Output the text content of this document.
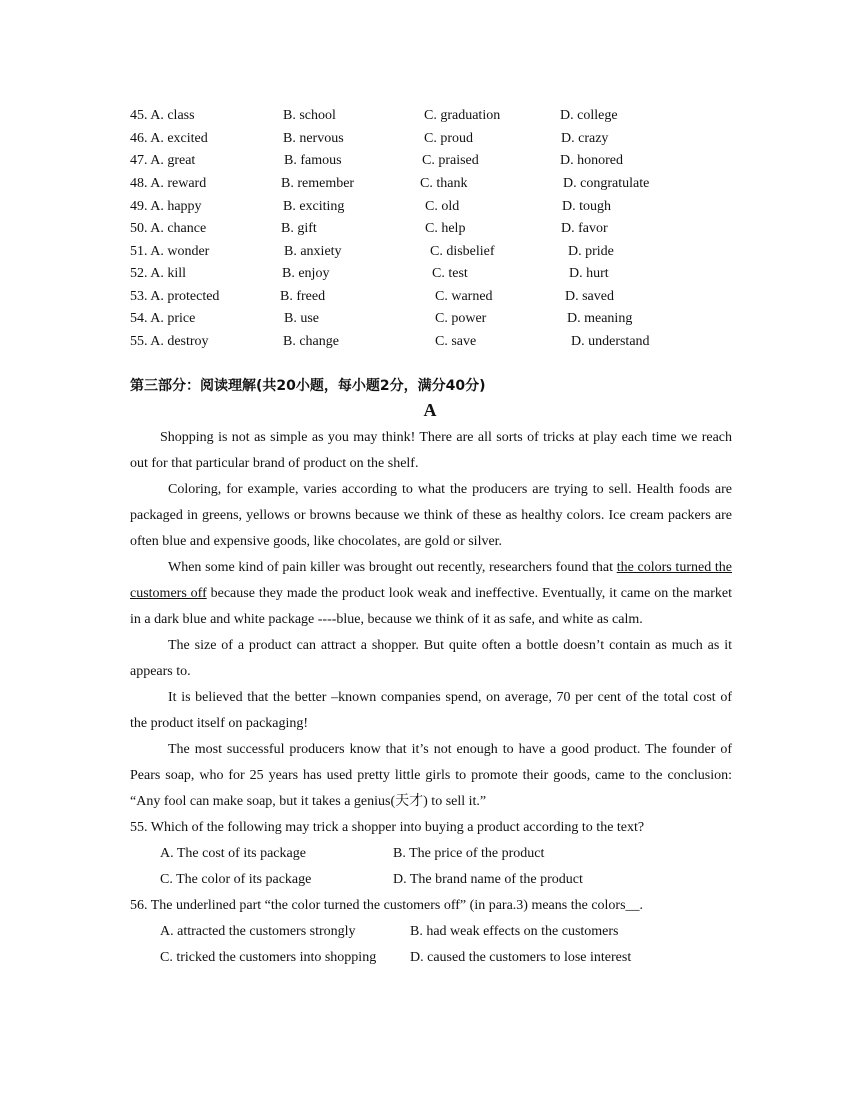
45. A. class	B. school	C. graduation	D. college
46. A. excited	B. nervous	C. proud	D. crazy
47. A. great	B. famous	C. praised	D. honored
48. A. reward	B. remember	C. thank	D. congratulate
49. A. happy	B. exciting	C. old	D. tough
50. A. chance	B. gift	C. help	D. favor
51. A. wonder	B. anxiety	C. disbelief	D. pride
52. A. kill	B. enjoy	C. test	D. hurt
53. A. protected	B. freed	C. warned	D. saved
54. A. price	B. use	C. power	D. meaning
55. A. destroy	B. change	C. save	D. understand
第三部分：阅读理解(共20小题，每小题2分，满分40分)
A

Shopping is not as simple as you may think! There are all sorts of tricks at play each time we reach out for that particular brand of product on the shelf.

Coloring, for example, varies according to what the producers are trying to sell. Health foods are packaged in greens, yellows or browns because we think of these as healthy colors. Ice cream packers are often blue and expensive goods, like chocolates, are gold or silver.

When some kind of pain killer was brought out recently, researchers found that the colors turned the customers off because they made the product look weak and ineffective. Eventually, it came on the market in a dark blue and white package ----blue, because we think of it as safe, and white as calm.

The size of a product can attract a shopper. But quite often a bottle doesn’t contain as much as it appears to.

It is believed that the better –known companies spend, on average, 70 per cent of the total cost of the product itself on packaging!

The most successful producers know that it’s not enough to have a good product. The founder of Pears soap, who for 25 years has used pretty little girls to promote their goods, came to the conclusion: “Any fool can make soap, but it takes a genius(天才) to sell it.”

55. Which of the following may trick a shopper into buying a product according to the text?

A. The cost of its package	B. The price of the product
C. The color of its package	D. The brand name of the product

56. The underlined part “the color turned the customers off” (in para.3) means the colors__.

A. attracted the customers strongly	B. had weak effects on the customers
C. tricked the customers into shopping	D. caused the customers to lose interest
